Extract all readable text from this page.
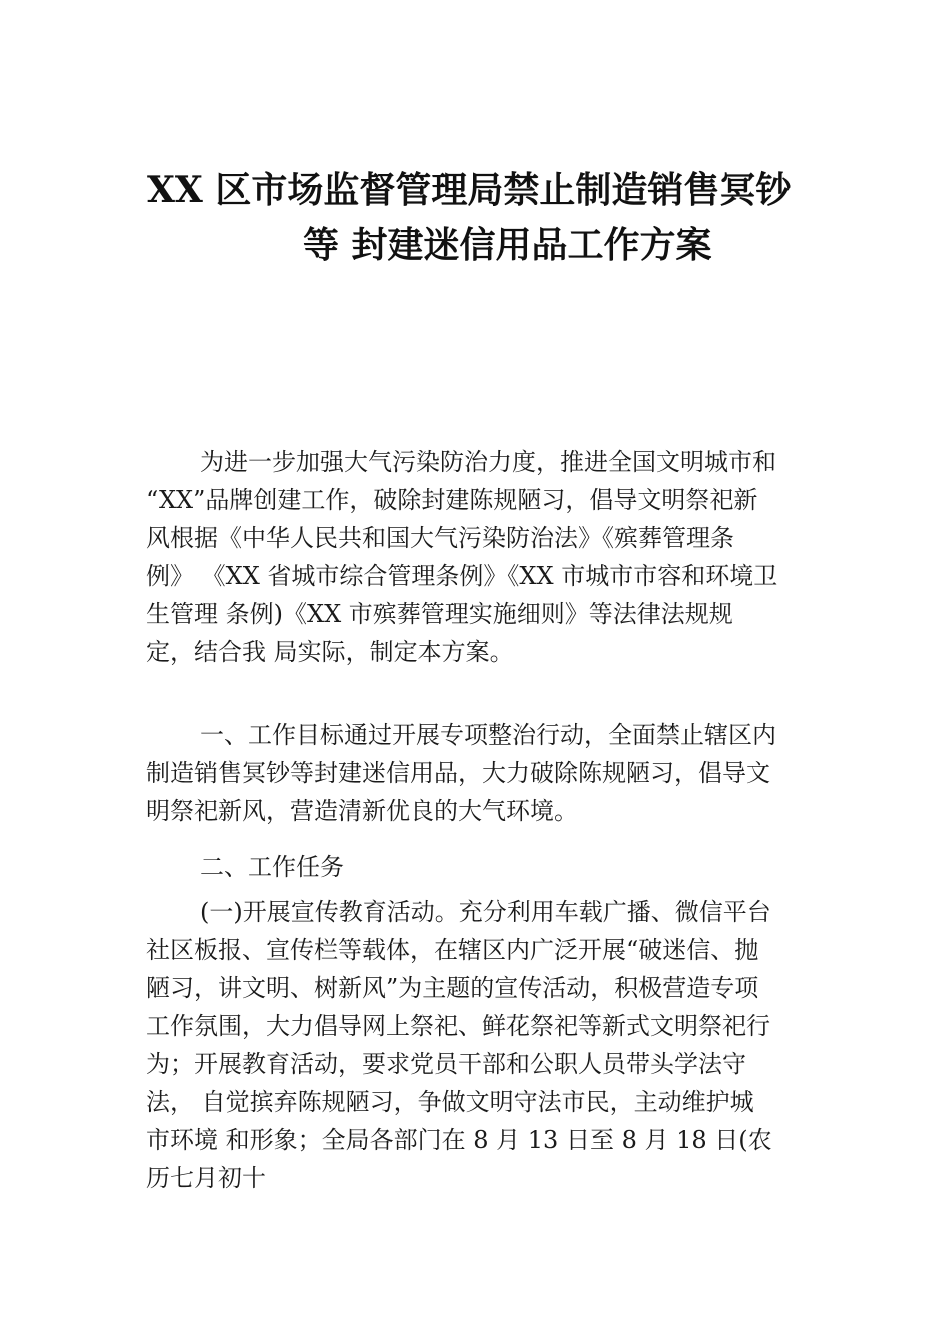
XX 区市场监督管理局禁止制造销售冥钞
等 封建迷信用品工作方案
为进一步加强大气污染防治力度，推进全国文明城市和
“XX”品牌创建工作，破除封建陈规陋习，倡导文明祭祀新
风根据《中华人民共和国大气污染防治法》《殡葬管理条
例》 《XX 省城市综合管理条例》《XX 市城市市容和环境卫
生管理 条例)《XX 市殡葬管理实施细则》等法律法规规
定，结合我 局实际，制定本方案。
一、工作目标通过开展专项整治行动，全面禁止辖区内
制造销售冥钞等封建迷信用品，大力破除陈规陋习，倡导文
明祭祀新风，营造清新优良的大气环境。
二、工作任务
(一)开展宣传教育活动。充分利用车载广播、微信平台
社区板报、宣传栏等载体，在辖区内广泛开展“破迷信、抛
陋习，讲文明、树新风”为主题的宣传活动，积极营造专项
工作氛围，大力倡导网上祭祀、鲜花祭祀等新式文明祭祀行
为；开展教育活动，要求党员干部和公职人员带头学法守
法， 自觉摈弃陈规陋习，争做文明守法市民，主动维护城
市环境 和形象；全局各部门在 8 月 13 日至 8 月 18 日(农
历七月初十
